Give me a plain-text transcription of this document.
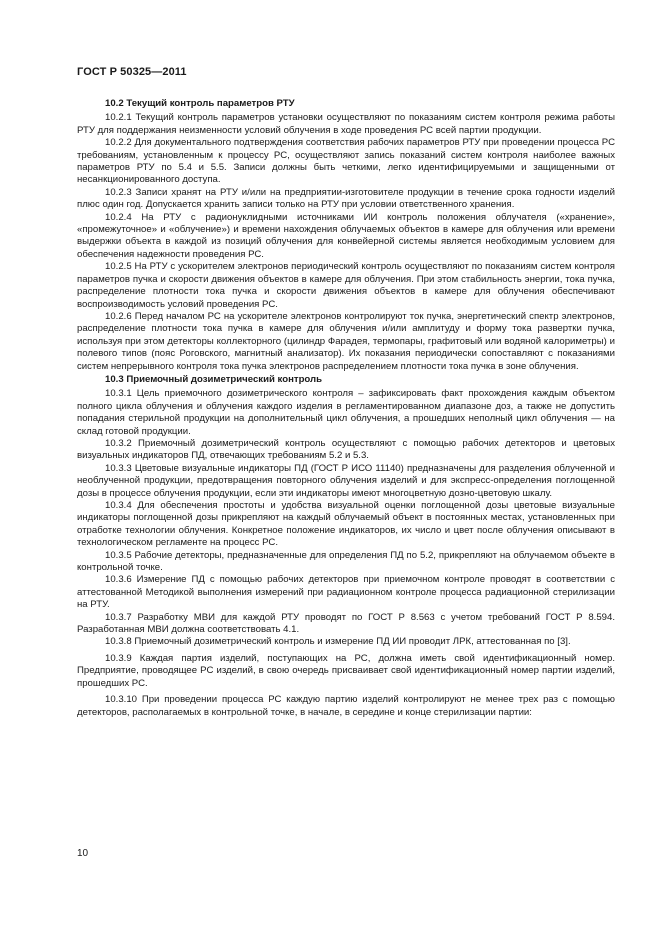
ГОСТ Р 50325—2011

10.2 Текущий контроль параметров РТУ

10.2.1 Текущий контроль параметров установки осуществляют по показаниям систем контроля режима работы РТУ для поддержания неизменности условий облучения в ходе проведения РС всей партии продукции.

10.2.2 Для документального подтверждения соответствия рабочих параметров РТУ при проведении процесса РС требованиям, установленным к процессу РС, осуществляют запись показаний систем контроля наиболее важных параметров РТУ по 5.4 и 5.5. Записи должны быть четкими, легко идентифицируемыми и защищенными от несанкционированного доступа.

10.2.3 Записи хранят на РТУ и/или на предприятии-изготовителе продукции в течение срока годности изделий плюс один год. Допускается хранить записи только на РТУ при условии ответственного хранения.

10.2.4 На РТУ с радионуклидными источниками ИИ контроль положения облучателя («хранение», «промежуточное» и «облучение») и времени нахождения облучаемых объектов в камере для облучения или времени выдержки объекта в каждой из позиций облучения для конвейерной системы является необходимым условием для обеспечения надежности проведения РС.

10.2.5 На РТУ с ускорителем электронов периодический контроль осуществляют по показаниям систем контроля параметров пучка и скорости движения объектов в камере для облучения. При этом стабильность энергии, тока пучка, распределение плотности тока пучка и скорости движения объектов в камере для облучения обеспечивают воспроизводимость условий проведения РС.

10.2.6 Перед началом РС на ускорителе электронов контролируют ток пучка, энергетический спектр электронов, распределение плотности тока пучка в камере для облучения и/или амплитуду и форму тока развертки пучка, используя при этом детекторы коллекторного (цилиндр Фарадея, термопары, графитовый или водяной калориметры) и полевого типов (пояс Роговского, магнитный анализатор). Их показания периодически сопоставляют с показаниями систем непрерывного контроля тока пучка электронов распределением плотности тока пучка в зоне облучения.

10.3 Приемочный дозиметрический контроль

10.3.1 Цель приемочного дозиметрического контроля – зафиксировать факт прохождения каждым объектом полного цикла облучения и облучения каждого изделия в регламентированном диапазоне доз, а также не допустить попадания стерильной продукции на дополнительный цикл облучения, а прошедших неполный цикл облучения — на склад готовой продукции.

10.3.2 Приемочный дозиметрический контроль осуществляют с помощью рабочих детекторов и цветовых визуальных индикаторов ПД, отвечающих требованиям 5.2 и 5.3.

10.3.3 Цветовые визуальные индикаторы ПД (ГОСТ Р ИСО 11140) предназначены для разделения облученной и необлученной продукции, предотвращения повторного облучения изделий и для экспресс-определения поглощенной дозы в процессе облучения продукции, если эти индикаторы имеют многоцветную дозно-цветовую шкалу.

10.3.4 Для обеспечения простоты и удобства визуальной оценки поглощенной дозы цветовые визуальные индикаторы поглощенной дозы прикрепляют на каждый облучаемый объект в постоянных местах, установленных при отработке технологии облучения. Конкретное положение индикаторов, их число и цвет после облучения описывают в технологическом регламенте на процесс РС.

10.3.5 Рабочие детекторы, предназначенные для определения ПД по 5.2, прикрепляют на облучаемом объекте в контрольной точке.

10.3.6 Измерение ПД с помощью рабочих детекторов при приемочном контроле проводят в соответствии с аттестованной Методикой выполнения измерений при радиационном контроле процесса радиационной стерилизации на РТУ.

10.3.7 Разработку МВИ для каждой РТУ проводят по ГОСТ Р 8.563 с учетом требований ГОСТ Р 8.594. Разработанная МВИ должна соответствовать 4.1.

10.3.8 Приемочный дозиметрический контроль и измерение ПД ИИ проводит ЛРК, аттестованная по [3].

10.3.9 Каждая партия изделий, поступающих на РС, должна иметь свой идентификационный номер. Предприятие, проводящее РС изделий, в свою очередь присваивает свой идентификационный номер партии изделий, прошедших РС.

10.3.10 При проведении процесса РС каждую партию изделий контролируют не менее трех раз с помощью детекторов, располагаемых в контрольной точке, в начале, в середине и конце стерилизации партии:

10
